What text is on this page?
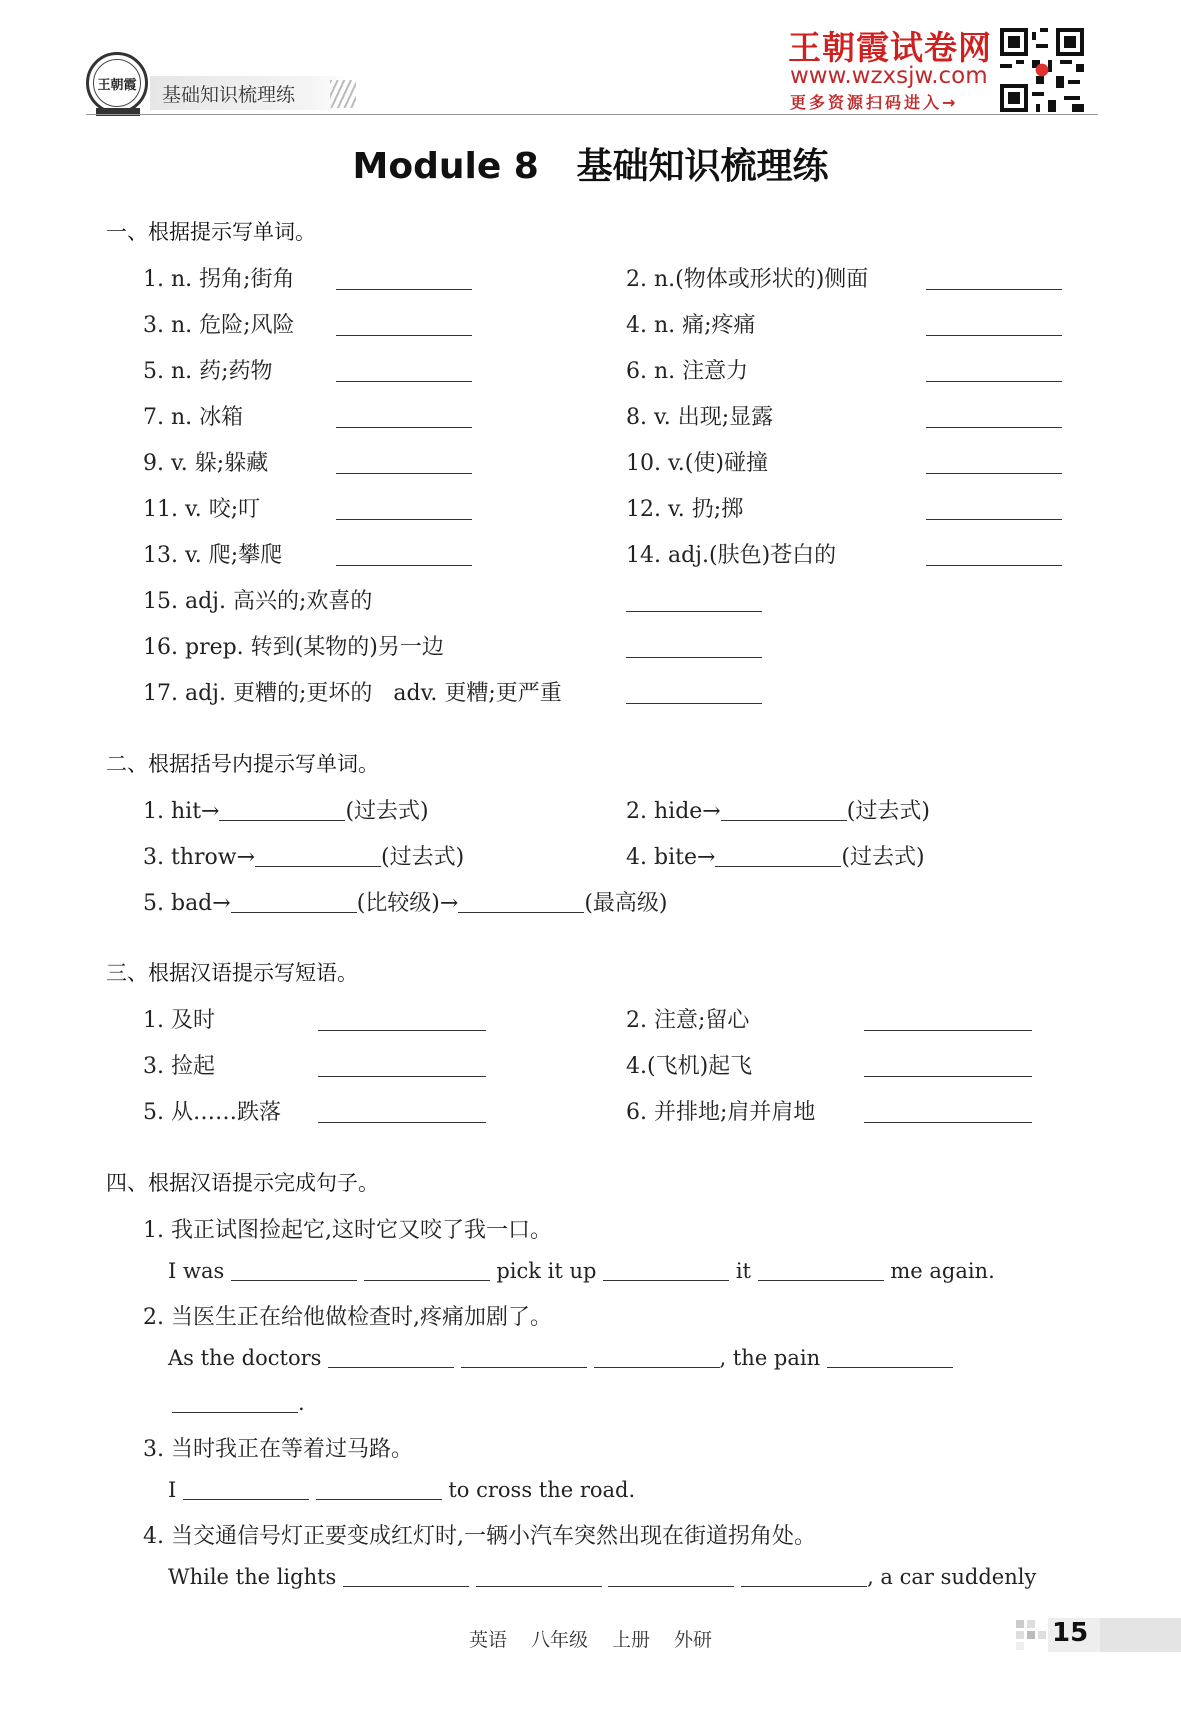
王朝霞 基础知识梳理练
王朝霞试卷网
www.wzxsjw.com
更多资源扫码进入→
Module 8   基础知识梳理练
一、根据提示写单词。
1. n. 拐角;街角	2. n.(物体或形状的)侧面
3. n. 危险;风险	4. n. 痛;疼痛
5. n. 药;药物	6. n. 注意力
7. n. 冰箱	8. v. 出现;显露
9. v. 躲;躲藏	10. v.(使)碰撞
11. v. 咬;叮	12. v. 扔;掷
13. v. 爬;攀爬	14. adj.(肤色)苍白的
15. adj. 高兴的;欢喜的
16. prep. 转到(某物的)另一边
17. adj. 更糟的;更坏的   adv. 更糟;更严重
二、根据括号内提示写单词。
1. hit→	(过去式)	2. hide→	(过去式)
3. throw→	(过去式)	4. bite→	(过去式)
5. bad→	(比较级)→	(最高级)
三、根据汉语提示写短语。
1. 及时	2. 注意;留心
3. 捡起	4.(飞机)起飞
5. 从……跌落	6. 并排地;肩并肩地
四、根据汉语提示完成句子。
1. 我正试图捡起它,这时它又咬了我一口。
I was	pick it up	it	me again.
2. 当医生正在给他做检查时,疼痛加剧了。
As the doctors	, the pain
.
3. 当时我正在等着过马路。
I	to cross the road.
4. 当交通信号灯正要变成红灯时,一辆小汽车突然出现在街道拐角处。
While the lights	, a car suddenly
英语 八年级 上册 外研	15
